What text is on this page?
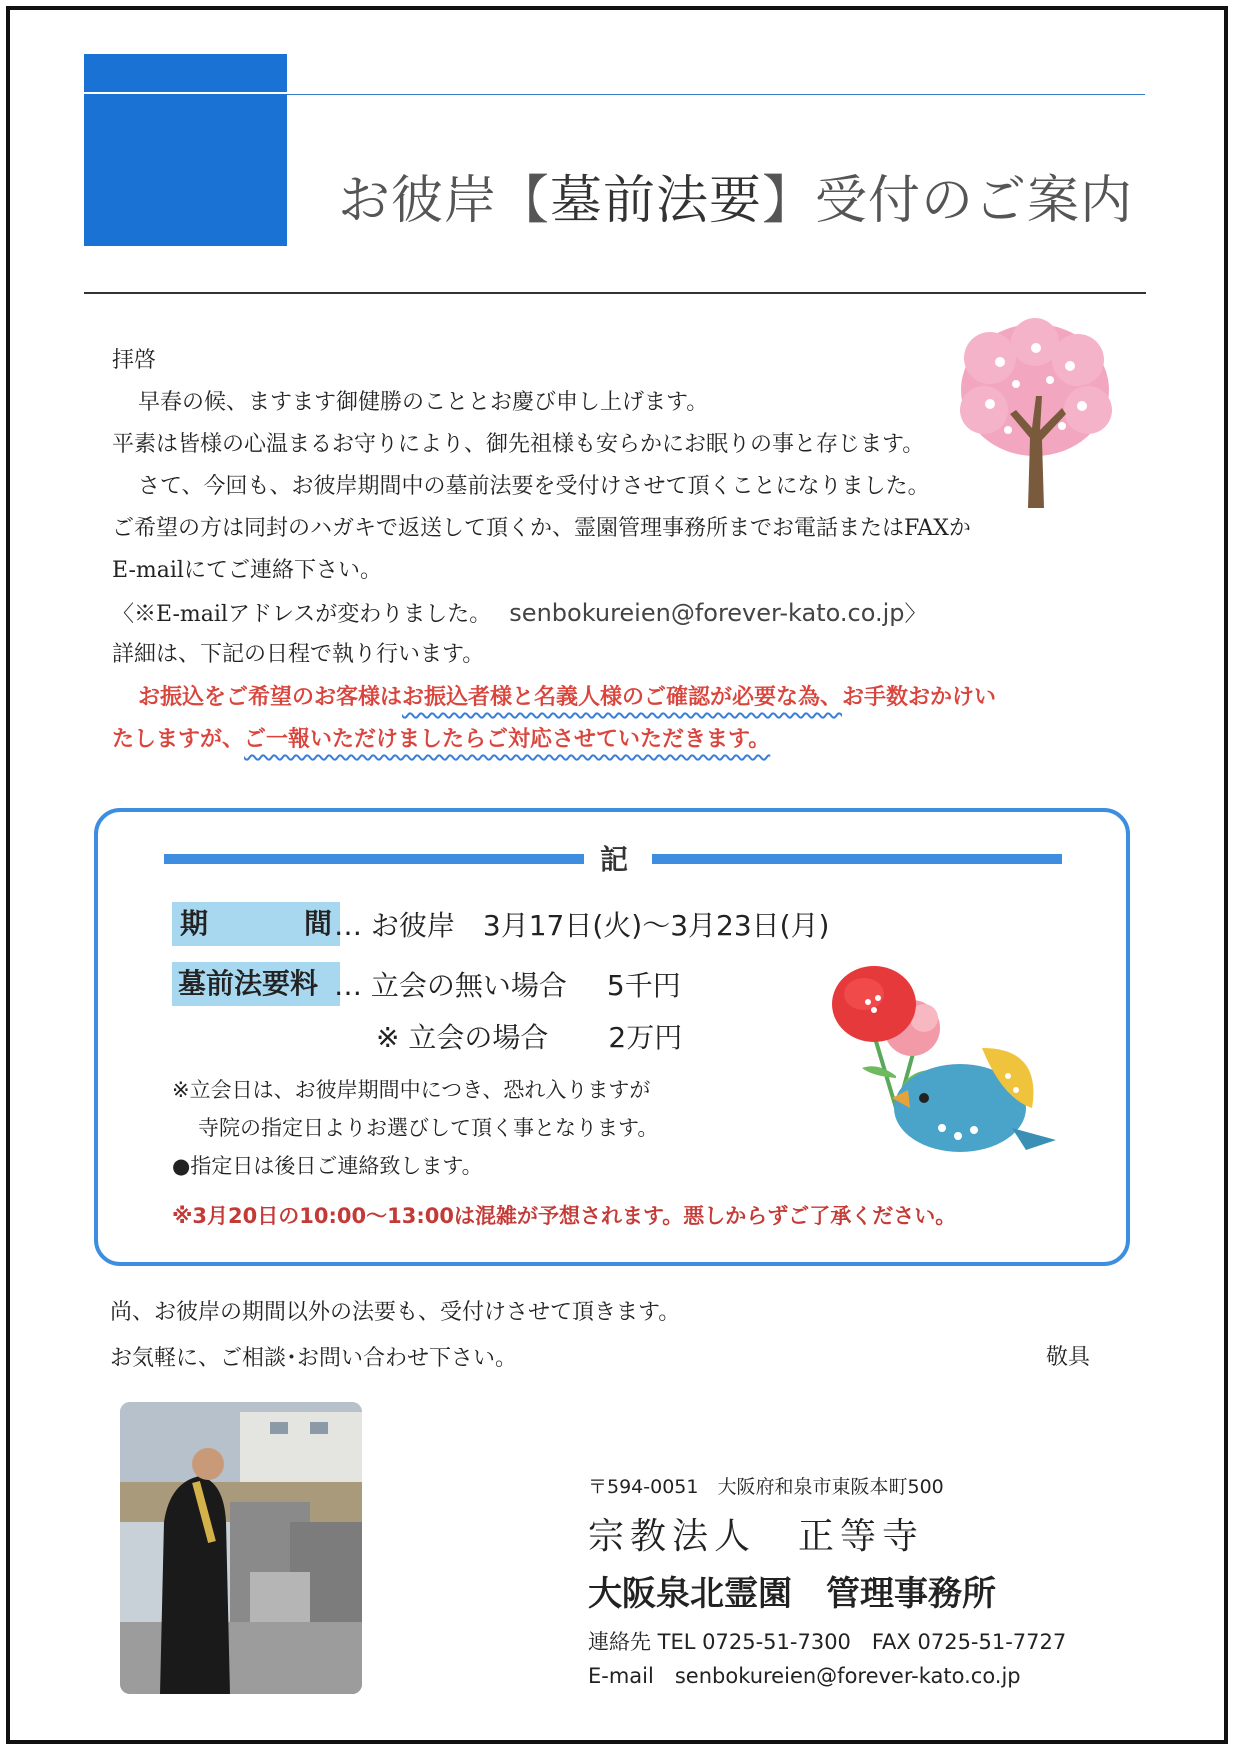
お彼岸【墓前法要】受付のご案内

拝啓

早春の候、ますます御健勝のこととお慶び申し上げます。

平素は皆様の心温まるお守りにより、御先祖様も安らかにお眠りの事と存じます。

さて、今回も、お彼岸期間中の墓前法要を受付けさせて頂くことになりました。

ご希望の方は同封のハガキで返送して頂くか、霊園管理事務所までお電話またはFAXか

E-mailにてご連絡下さい。

〈※E-mailアドレスが変わりました。 senbokureien@forever-kato.co.jp〉

詳細は、下記の日程で執り行います。

お振込をご希望のお客様はお振込者様と名義人様のご確認が必要な為、お手数おかけい

たしますが、ご一報いただけましたらご対応させていただきます。

記
期	間 … お彼岸　3月17日(火)～3月23日(月)
墓前法要料 … 立会の無い場合 5千円
※ 立会の場合 2万円
※立会日は、お彼岸期間中につき、恐れ入りますが
寺院の指定日よりお選びして頂く事となります。
●指定日は後日ご連絡致します。
※3月20日の10:00～13:00は混雑が予想されます。悪しからずご了承ください。

尚、お彼岸の期間以外の法要も、受付けさせて頂きます。

お気軽に、ご相談･お問い合わせ下さい。	敬具
〒594-0051　大阪府和泉市東阪本町500
宗教法人　正等寺
大阪泉北霊園　管理事務所
連絡先 TEL 0725-51-7300　FAX 0725-51-7727
E-mail　senbokureien@forever-kato.co.jp
